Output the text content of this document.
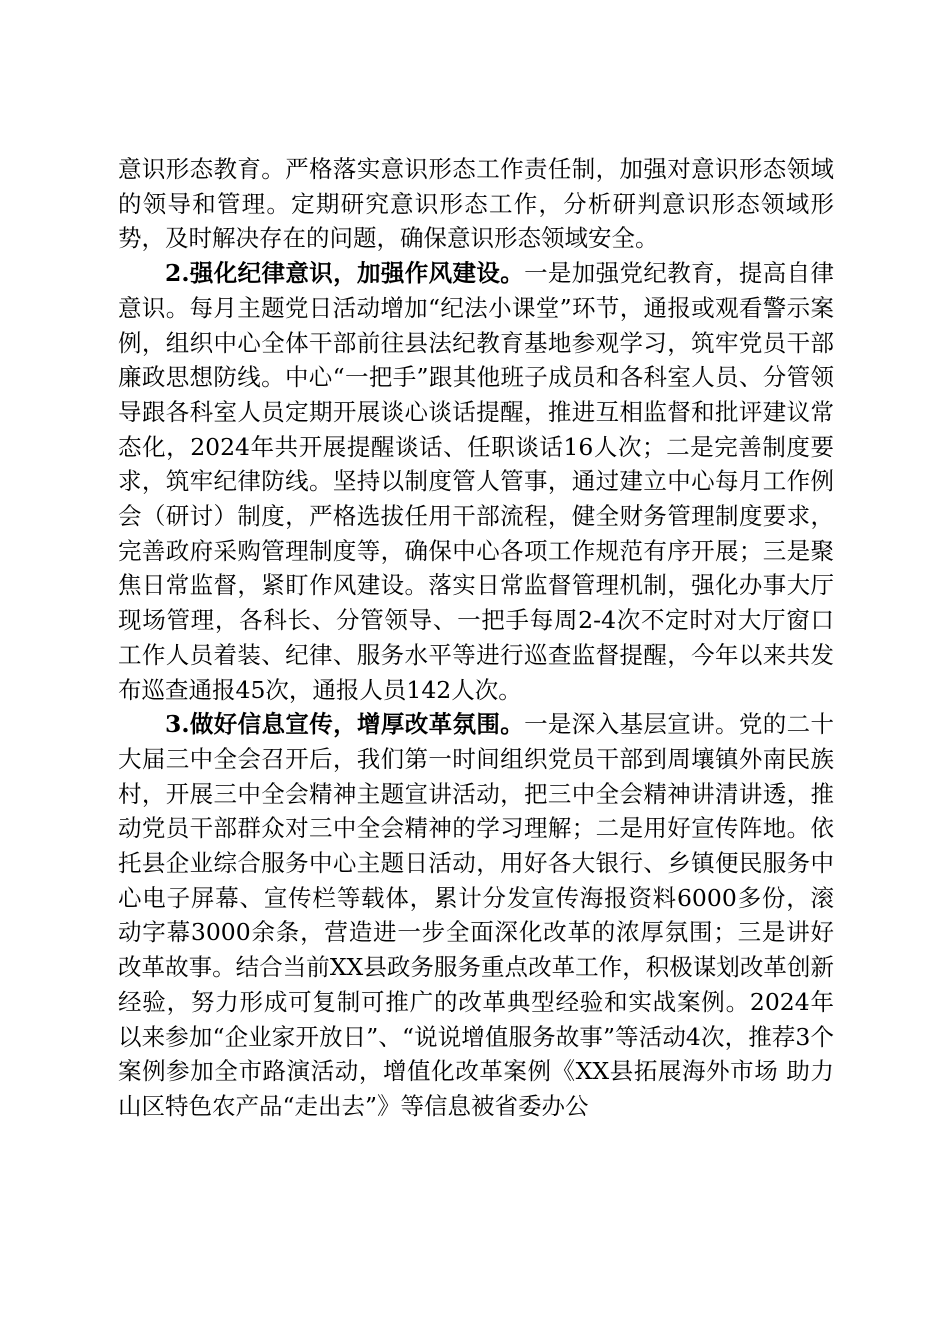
意识形态教育。严格落实意识形态工作责任制，加强对意识形态领域的领导和管理。定期研究意识形态工作，分析研判意识形态领域形势，及时解决存在的问题，确保意识形态领域安全。

2.强化纪律意识，加强作风建设。一是加强党纪教育，提高自律意识。每月主题党日活动增加“纪法小课堂”环节，通报或观看警示案例，组织中心全体干部前往县法纪教育基地参观学习，筑牢党员干部廉政思想防线。中心“一把手”跟其他班子成员和各科室人员、分管领导跟各科室人员定期开展谈心谈话提醒，推进互相监督和批评建议常态化，2024年共开展提醒谈话、任职谈话16人次；二是完善制度要求，筑牢纪律防线。坚持以制度管人管事，通过建立中心每月工作例会（研讨）制度，严格选拔任用干部流程，健全财务管理制度要求，完善政府采购管理制度等，确保中心各项工作规范有序开展；三是聚焦日常监督，紧盯作风建设。落实日常监督管理机制，强化办事大厅现场管理，各科长、分管领导、一把手每周2-4次不定时对大厅窗口工作人员着装、纪律、服务水平等进行巡查监督提醒，今年以来共发布巡查通报45次，通报人员142人次。

3.做好信息宣传，增厚改革氛围。一是深入基层宣讲。党的二十大届三中全会召开后，我们第一时间组织党员干部到周壤镇外南民族村，开展三中全会精神主题宣讲活动，把三中全会精神讲清讲透，推动党员干部群众对三中全会精神的学习理解；二是用好宣传阵地。依托县企业综合服务中心主题日活动，用好各大银行、乡镇便民服务中心电子屏幕、宣传栏等载体，累计分发宣传海报资料6000多份，滚动字幕3000余条，营造进一步全面深化改革的浓厚氛围；三是讲好改革故事。结合当前XX县政务服务重点改革工作，积极谋划改革创新经验，努力形成可复制可推广的改革典型经验和实战案例。2024年以来参加“企业家开放日”、“说说增值服务故事”等活动4次，推荐3个案例参加全市路演活动，增值化改革案例《XX县拓展海外市场 助力山区特色农产品“走出去”》等信息被省委办公
